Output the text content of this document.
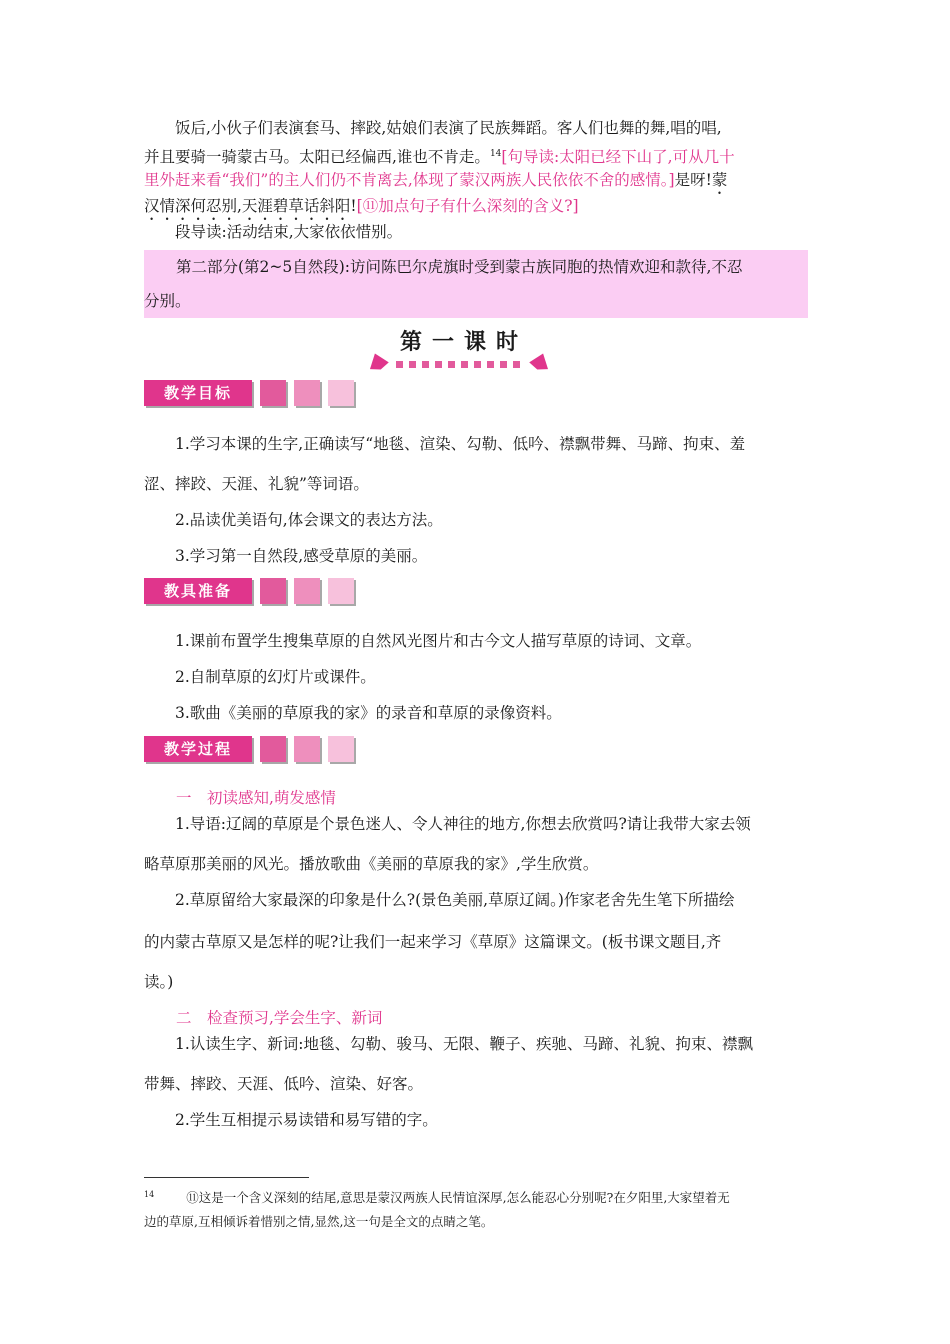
饭后,小伙子们表演套马、摔跤,姑娘们表演了民族舞蹈。客人们也舞的舞,唱的唱,

并且要骑一骑蒙古马。太阳已经偏西,谁也不肯走。$^{14}$[句导读:太阳已经下山了,可从几十

里外赶来看“我们”的主人们仍不肯离去,体现了蒙汉两族人民依依不舍的感情。]是呀!蒙

汉情深何忍别,天涯碧草话斜阳![⑪加点句子有什么深刻的含义?]

段导读:活动结束,大家依依惜别。

第二部分(第2~5自然段):访问陈巴尔虎旗时受到蒙古族同胞的热情欢迎和款待,不忍
分别。
第一课时
教学目标

1.学习本课的生字,正确读写“地毯、渲染、勾勒、低吟、襟飘带舞、马蹄、拘束、羞

涩、摔跤、天涯、礼貌”等词语。

2.品读优美语句,体会课文的表达方法。

3.学习第一自然段,感受草原的美丽。

教具准备

1.课前布置学生搜集草原的自然风光图片和古今文人描写草原的诗词、文章。

2.自制草原的幻灯片或课件。

3.歌曲《美丽的草原我的家》的录音和草原的录像资料。

教学过程
一　初读感知,萌发感情

1.导语:辽阔的草原是个景色迷人、令人神往的地方,你想去欣赏吗?请让我带大家去领

略草原那美丽的风光。播放歌曲《美丽的草原我的家》,学生欣赏。

2.草原留给大家最深的印象是什么?(景色美丽,草原辽阔。)作家老舍先生笔下所描绘

的内蒙古草原又是怎样的呢?让我们一起来学习《草原》这篇课文。(板书课文题目,齐

读。)

二　检查预习,学会生字、新词

1.认读生字、新词:地毯、勾勒、骏马、无限、鞭子、疾驰、马蹄、礼貌、拘束、襟飘

带舞、摔跤、天涯、低吟、渲染、好客。

2.学生互相提示易读错和易写错的字。

$^{14}$	⑪这是一个含义深刻的结尾,意思是蒙汉两族人民情谊深厚,怎么能忍心分别呢?在夕阳里,大家望着无
边的草原,互相倾诉着惜别之情,显然,这一句是全文的点睛之笔。
